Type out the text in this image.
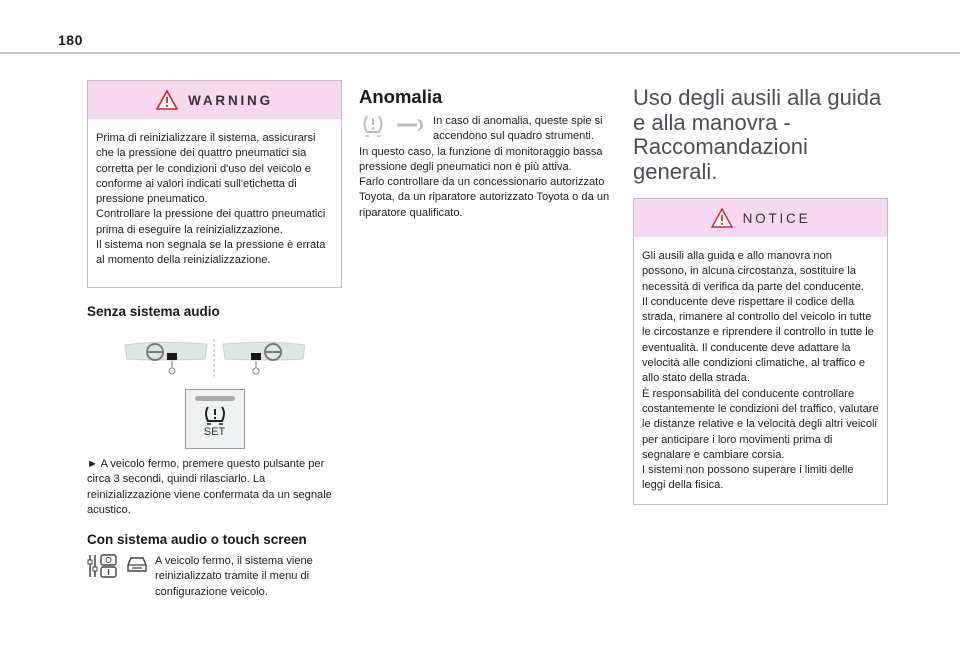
180
WARNING
Prima di reinizializzare il sistema, assicurarsi che la pressione dei quattro pneumatici sia corretta per le condizioni d'uso del veicolo e conforme ai valori indicati sull'etichetta di pressione pneumatico.
Controllare la pressione dei quattro pneumatici prima di eseguire la reinizializzazione.
Il sistema non segnala se la pressione è errata al momento della reinizializzazione.
Senza sistema audio
SET
► A veicolo fermo, premere questo pulsante per circa 3 secondi, quindi rilasciarlo. La reinizializzazione viene confermata da un segnale acustico.
Con sistema audio o touch screen
A veicolo fermo, il sistema viene reinizializzato tramite il menu di configurazione veicolo.
Anomalia
In caso di anomalia, queste spie si accendono sul quadro strumenti.
In questo caso, la funzione di monitoraggio bassa pressione degli pneumatici non è più attiva.
Farlo controllare da un concessionario autorizzato Toyota, da un riparatore autorizzato Toyota o da un riparatore qualificato.
Uso degli ausili alla guida e alla manovra - Raccomandazioni generali.
NOTICE
Gli ausili alla guida e allo manovra non possono, in alcuna circostanza, sostituire la necessità di verifica da parte del conducente.
Il conducente deve rispettare il codice della strada, rimanere al controllo del veicolo in tutte le circostanze e riprendere il controllo in tutte le eventualità. Il conducente deve adattare la velocità alle condizioni climatiche, al traffico e allo stato della strada.
È responsabilità del conducente controllare costantemente le condizioni del traffico, valutare le distanze relative e la velocità degli altri veicoli per anticipare i loro movimenti prima di segnalare e cambiare corsia.
I sistemi non possono superare i limiti delle leggi della fisica.
